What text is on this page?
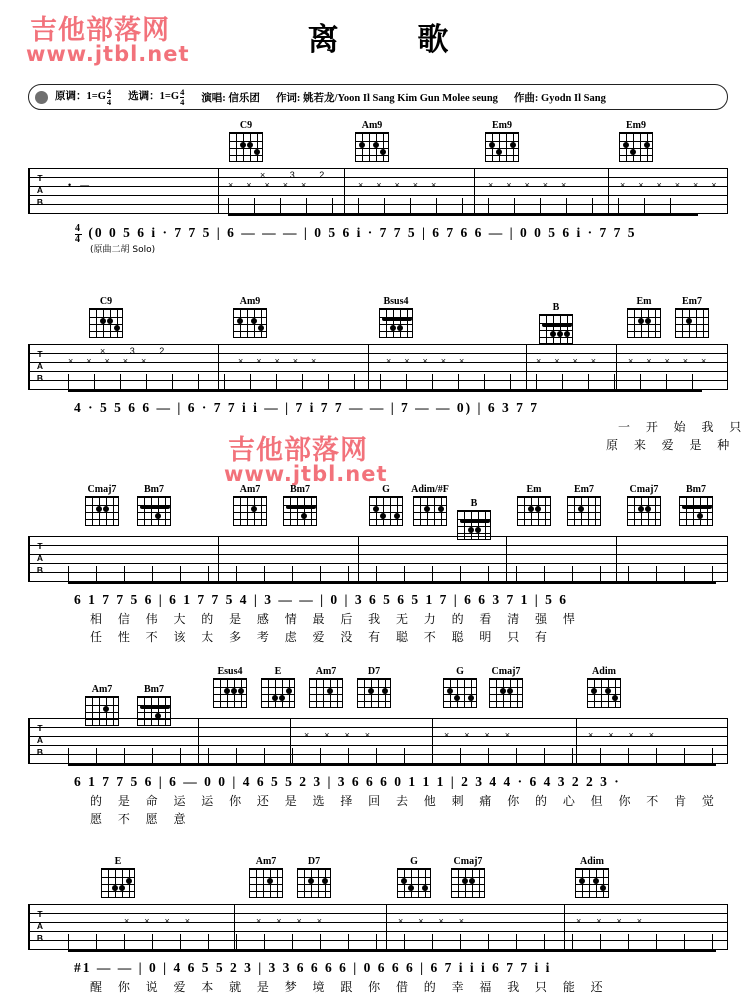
吉他部落网
www.jtbl.net
吉他部落网
www.jtbl.net
离 歌
原调：$1=G \frac{4}{4}$ 选调：$1=G \frac{4}{4}$ 演唱: 信乐团 作词: 姚若龙/Yoon Il Sang Kim Gun Molee seung 作曲: Gyodn Il Sang
C9	Am9	Em9	Em9
T
A
B
•—
× 3 2
×××××	×××××	×××××	××××××
$\frac{4}{4} (0$ 0 5 6 i · 7 7 5 | 6 — — — | 0 5 6 i · 7 7 5 | 6 7 6 6 — | 0 0 5 6 i · 7 7 5
(原曲二胡 Solo)
C9	Am9	Bsus4
B
Em	Em7
T
A
B
× 3 2
×××××	×××××	×××××	×××× ×××××
4 · 5 5 6 6 — | 6 · 7 7 i i — | 7 i 7 7 — — | 7 — — 0) | 6 3 7 7
一 开 始 我 只
原 来 爱 是 种
Cmaj7	Bm7	Am7	Bm7	G	Adim/#F
B
Em	Em7	Cmaj7	Bm7
T
A
B
6 1 7 7 5 6 | 6 1 7 7 5 4 | 3 — — | 0 | 3 6 5 6 5 1 7 | 6 6 3 7 1 | 5 6
相 信 伟 大 的 是 感 情 最 后 我 无 力 的 看 清 强 悍
任 性 不 该 太 多 考 虑 爱 没 有 聪 不 聪 明 只 有
Am7	Bm7
Esus4	E	Am7	D7	G	Cmaj7	Adim
T
A
B
××××	××××	××××
6 1 7 7 5 6 | 6 — 0 0 | 4 6 5 5 2 3 | 3 6 6 6 0 1 1 1 | 2 3 4 4 · 6 4 3 2 2 3 ·
的 是 命 运 运 你 还 是 选 择 回 去 他 刺 痛 你 的 心 但 你 不 肯 觉
愿 不 愿 意
E	Am7	D7	G	Cmaj7	Adim
T
A
B
××××	××××	××××	××××
#1 — — | 0 | 4 6 5 5 2 3 | 3 3 6 6 6 6 | 0 6 6 6 | 6 7 i i i 6 7 7 i i
醒 你 说 爱 本 就 是 梦 境 跟 你 借 的 幸 福 我 只 能 还
